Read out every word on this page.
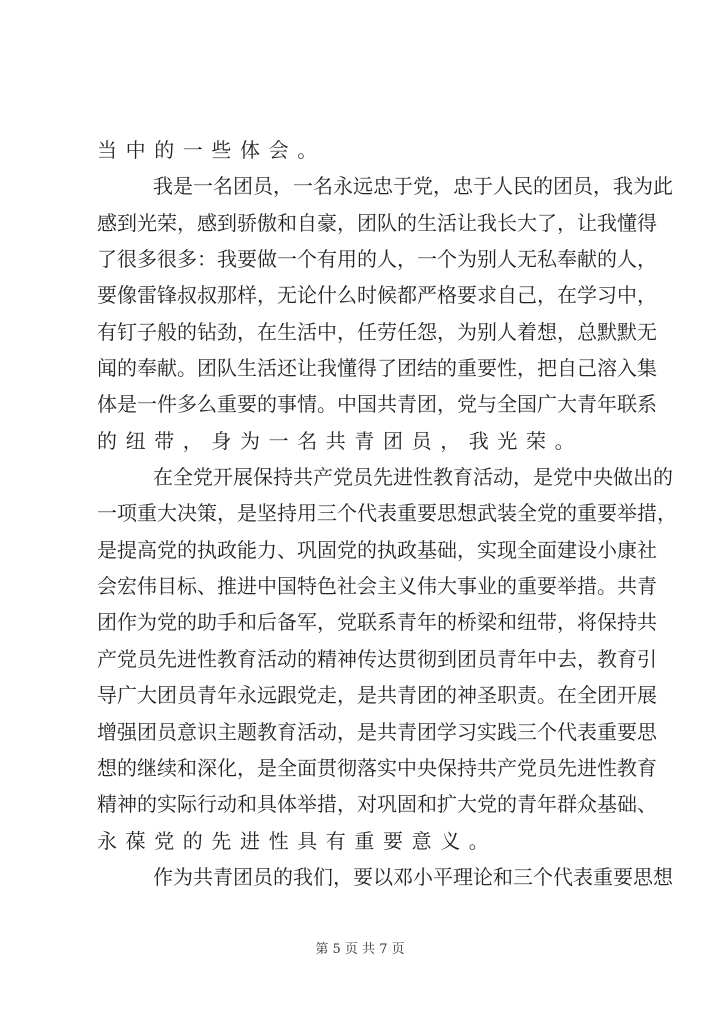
当中的一些体会。
我是一名团员，一名永远忠于党，忠于人民的团员，我为此
感到光荣，感到骄傲和自豪，团队的生活让我长大了，让我懂得
了很多很多：我要做一个有用的人，一个为别人无私奉献的人，
要像雷锋叔叔那样，无论什么时候都严格要求自己，在学习中，
有钉子般的钻劲，在生活中，任劳任怨，为别人着想，总默默无
闻的奉献。团队生活还让我懂得了团结的重要性，把自己溶入集
体是一件多么重要的事情。中国共青团，党与全国广大青年联系
的纽带，身为一名共青团员，我光荣。
在全党开展保持共产党员先进性教育活动，是党中央做出的
一项重大决策，是坚持用三个代表重要思想武装全党的重要举措，
是提高党的执政能力、巩固党的执政基础，实现全面建设小康社
会宏伟目标、推进中国特色社会主义伟大事业的重要举措。共青
团作为党的助手和后备军，党联系青年的桥梁和纽带，将保持共
产党员先进性教育活动的精神传达贯彻到团员青年中去，教育引
导广大团员青年永远跟党走，是共青团的神圣职责。在全团开展
增强团员意识主题教育活动，是共青团学习实践三个代表重要思
想的继续和深化，是全面贯彻落实中央保持共产党员先进性教育
精神的实际行动和具体举措，对巩固和扩大党的青年群众基础、
永葆党的先进性具有重要意义。
作为共青团员的我们，要以邓小平理论和三个代表重要思想
第 5 页 共 7 页
